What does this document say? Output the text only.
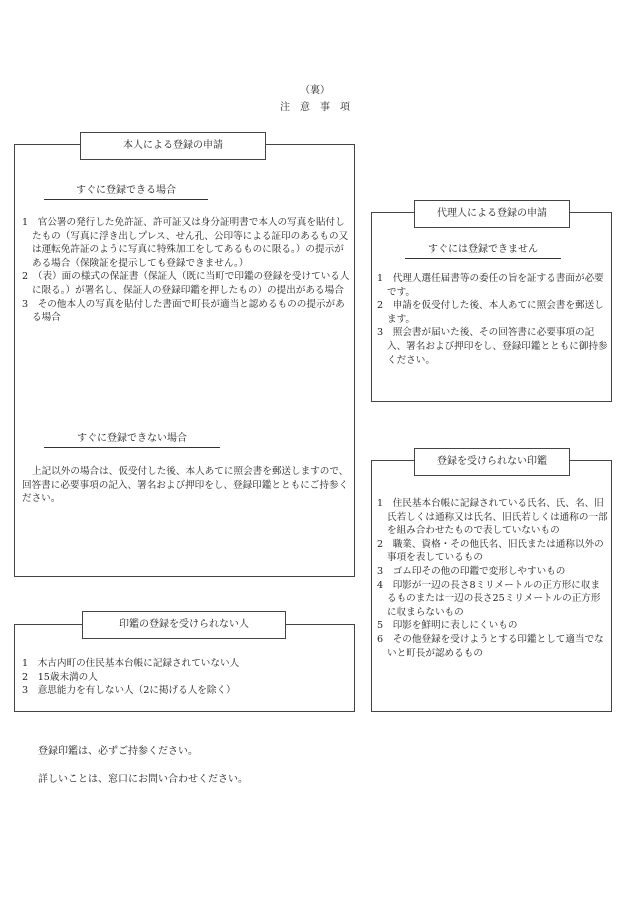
（裏）
注　意　事　項
本人による登録の申請
すぐに登録できる場合

1　官公署の発行した免許証、許可証又は身分証明書で本人の写真を貼付したもの（写真に浮き出しプレス、せん孔、公印等による証印のあるもの又は運転免許証のように写真に特殊加工をしてあるものに限る。）の提示がある場合（保険証を提示しても登録できません。）

2　（表）面の様式の保証書（保証人（既に当町で印鑑の登録を受けている人に限る。）が署名し、保証人の登録印鑑を押したもの）の提出がある場合

3　その他本人の写真を貼付した書面で町長が適当と認めるものの提示がある場合

すぐに登録できない場合

上記以外の場合は、仮受付した後、本人あてに照会書を郵送しますので、回答書に必要事項の記入、署名および押印をし、登録印鑑とともにご持参ください。

代理人による登録の申請
すぐには登録できません

1　代理人選任届書等の委任の旨を証する書面が必要です。

2　申請を仮受付した後、本人あてに照会書を郵送します。

3　照会書が届いた後、その回答書に必要事項の記入、署名および押印をし、登録印鑑とともに御持参ください。

登録を受けられない印鑑

1　住民基本台帳に記録されている氏名、氏、名、旧氏若しくは通称又は氏名、旧氏若しくは通称の一部を組み合わせたもので表していないもの

2　職業、資格・その他氏名、旧氏または通称以外の事項を表しているもの

3　ゴム印その他の印鑑で変形しやすいもの

4　印影が一辺の長さ8ミリメートルの正方形に収まるものまたは一辺の長さ25ミリメートルの正方形に収まらないもの

5　印影を鮮明に表しにくいもの

6　その他登録を受けようとする印鑑として適当でないと町長が認めるもの

印鑑の登録を受けられない人

1　木古内町の住民基本台帳に記録されていない人

2　15歳未満の人

3　意思能力を有しない人（2に掲げる人を除く）

登録印鑑は、必ずご持参ください。
詳しいことは、窓口にお問い合わせください。
